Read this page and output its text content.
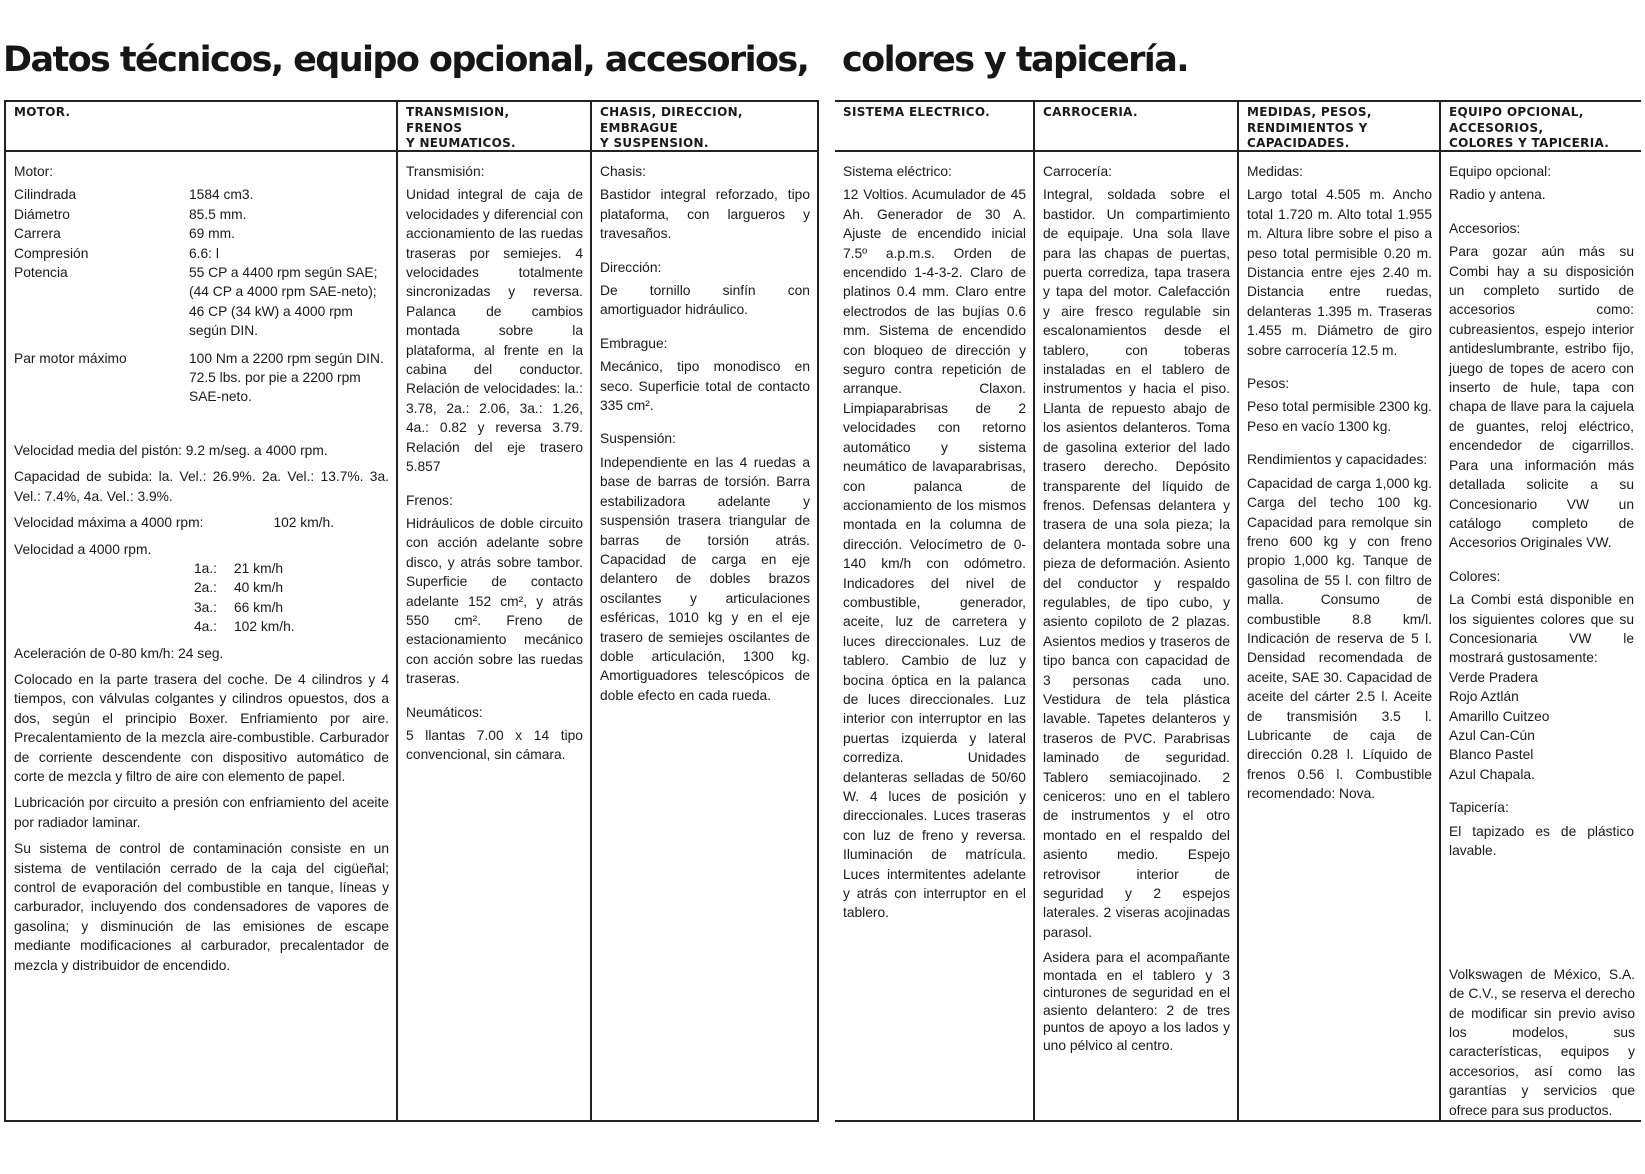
Datos técnicos, equipo opcional, accesorios, colores y tapicería.
MOTOR.
Motor:
Cilindrada	1584 cm3.
Diámetro	85.5 mm.
Carrera	69 mm.
Compresión	6.6: l
Potencia	55 CP a 4400 rpm según SAE; (44 CP a 4000 rpm SAE-neto); 46 CP (34 kW) a 4000 rpm según DIN.
Par motor máximo	100 Nm a 2200 rpm según DIN. 72.5 lbs. por pie a 2200 rpm SAE-neto.

Velocidad media del pistón: 9.2 m/seg. a 4000 rpm.

Capacidad de subida: la. Vel.: 26.9%. 2a. Vel.: 13.7%. 3a. Vel.: 7.4%, 4a. Vel.: 3.9%.

Velocidad máxima a 4000 rpm:	102 km/h.

Velocidad a 4000 rpm.
1a.:	21 km/h
2a.:	40 km/h
3a.:	66 km/h
4a.:	102 km/h.

Aceleración de 0-80 km/h: 24 seg.

Colocado en la parte trasera del coche. De 4 cilindros y 4 tiempos, con válvulas colgantes y cilindros opuestos, dos a dos, según el principio Boxer. Enfriamiento por aire. Precalentamiento de la mezcla aire-combustible. Carburador de corriente descendente con dispositivo automático de corte de mezcla y filtro de aire con elemento de papel.

Lubricación por circuito a presión con enfriamiento del aceite por radiador laminar.

Su sistema de control de contaminación consiste en un sistema de ventilación cerrado de la caja del cigüeñal; control de evaporación del combustible en tanque, líneas y carburador, incluyendo dos condensadores de vapores de gasolina; y disminución de las emisiones de escape mediante modificaciones al carburador, precalentador de mezcla y distribuidor de encendido.

TRANSMISION,
FRENOS
Y NEUMATICOS.
Transmisión:

Unidad integral de caja de velocidades y diferencial con accionamiento de las ruedas traseras por semiejes. 4 velocidades totalmente sincronizadas y reversa. Palanca de cambios montada sobre la plataforma, al frente en la cabina del conductor. Relación de velocidades: la.: 3.78, 2a.: 2.06, 3a.: 1.26, 4a.: 0.82 y reversa 3.79. Relación del eje trasero 5.857

Frenos:

Hidráulicos de doble circuito con acción adelante sobre disco, y atrás sobre tambor. Superficie de contacto adelante 152 cm², y atrás 550 cm². Freno de estacionamiento mecánico con acción sobre las ruedas traseras.

Neumáticos:

5 llantas 7.00 x 14 tipo convencional, sin cámara.

CHASIS, DIRECCION,
EMBRAGUE
Y SUSPENSION.
Chasis:

Bastidor integral reforzado, tipo plataforma, con largueros y travesaños.

Dirección:

De tornillo sinfín con amortiguador hidráulico.

Embrague:

Mecánico, tipo monodisco en seco. Superficie total de contacto 335 cm².

Suspensión:

Independiente en las 4 ruedas a base de barras de torsión. Barra estabilizadora adelante y suspensión trasera triangular de barras de torsión atrás. Capacidad de carga en eje delantero de dobles brazos oscilantes y articulaciones esféricas, 1010 kg y en el eje trasero de semiejes oscilantes de doble articulación, 1300 kg. Amortiguadores telescópicos de doble efecto en cada rueda.

SISTEMA ELECTRICO.
Sistema eléctrico:

12 Voltios. Acumulador de 45 Ah. Generador de 30 A. Ajuste de encendido inicial 7.5º a.p.m.s. Orden de encendido 1-4-3-2. Claro de platinos 0.4 mm. Claro entre electrodos de las bujías 0.6 mm. Sistema de encendido con bloqueo de dirección y seguro contra repetición de arranque. Claxon. Limpiaparabrisas de 2 velocidades con retorno automático y sistema neumático de lavaparabrisas, con palanca de accionamiento de los mismos montada en la columna de dirección. Velocímetro de 0-140 km/h con odómetro. Indicadores del nivel de combustible, generador, aceite, luz de carretera y luces direccionales. Luz de tablero. Cambio de luz y bocina óptica en la palanca de luces direccionales. Luz interior con interruptor en las puertas izquierda y lateral corrediza. Unidades delanteras selladas de 50/60 W. 4 luces de posición y direccionales. Luces traseras con luz de freno y reversa. Iluminación de matrícula. Luces intermitentes adelante y atrás con interruptor en el tablero.

CARROCERIA.
Carrocería:

Integral, soldada sobre el bastidor. Un compartimiento de equipaje. Una sola llave para las chapas de puertas, puerta corrediza, tapa trasera y tapa del motor. Calefacción y aire fresco regulable sin escalonamientos desde el tablero, con toberas instaladas en el tablero de instrumentos y hacia el piso. Llanta de repuesto abajo de los asientos delanteros. Toma de gasolina exterior del lado trasero derecho. Depósito transparente del líquido de frenos. Defensas delantera y trasera de una sola pieza; la delantera montada sobre una pieza de deformación. Asiento del conductor y respaldo regulables, de tipo cubo, y asiento copiloto de 2 plazas. Asientos medios y traseros de tipo banca con capacidad de 3 personas cada uno. Vestidura de tela plástica lavable. Tapetes delanteros y traseros de PVC. Parabrisas laminado de seguridad. Tablero semiacojinado. 2 ceniceros: uno en el tablero de instrumentos y el otro montado en el respaldo del asiento medio. Espejo retrovisor interior de seguridad y 2 espejos laterales. 2 viseras acojinadas parasol.

Asidera para el acompañante montada en el tablero y 3 cinturones de seguridad en el asiento delantero: 2 de tres puntos de apoyo a los lados y uno pélvico al centro.

MEDIDAS, PESOS,
RENDIMIENTOS Y
CAPACIDADES.
Medidas:

Largo total 4.505 m. Ancho total 1.720 m. Alto total 1.955 m. Altura libre sobre el piso a peso total permisible 0.20 m. Distancia entre ejes 2.40 m. Distancia entre ruedas, delanteras 1.395 m. Traseras 1.455 m. Diámetro de giro sobre carrocería 12.5 m.

Pesos:

Peso total permisible 2300 kg. Peso en vacío 1300 kg.

Rendimientos y capacidades:

Capacidad de carga 1,000 kg. Carga del techo 100 kg. Capacidad para remolque sin freno 600 kg y con freno propio 1,000 kg. Tanque de gasolina de 55 l. con filtro de malla. Consumo de combustible 8.8 km/l. Indicación de reserva de 5 l. Densidad recomendada de aceite, SAE 30. Capacidad de aceite del cárter 2.5 l. Aceite de transmisión 3.5 l. Lubricante de caja de dirección 0.28 l. Líquido de frenos 0.56 l. Combustible recomendado: Nova.

EQUIPO OPCIONAL,
ACCESORIOS,
COLORES Y TAPICERIA.
Equipo opcional:

Radio y antena.

Accesorios:

Para gozar aún más su Combi hay a su disposición un completo surtido de accesorios como: cubreasientos, espejo interior antideslumbrante, estribo fijo, juego de topes de acero con inserto de hule, tapa con chapa de llave para la cajuela de guantes, reloj eléctrico, encendedor de cigarrillos. Para una información más detallada solicite a su Concesionario VW un catálogo completo de Accesorios Originales VW.

Colores:

La Combi está disponible en los siguientes colores que su Concesionaria VW le mostrará gustosamente:

Verde Pradera
Rojo Aztlán
Amarillo Cuitzeo
Azul Can-Cún
Blanco Pastel
Azul Chapala.
Tapicería:

El tapizado es de plástico lavable.

Volkswagen de México, S.A. de C.V., se reserva el derecho de modificar sin previo aviso los modelos, sus características, equipos y accesorios, así como las garantías y servicios que ofrece para sus productos.
